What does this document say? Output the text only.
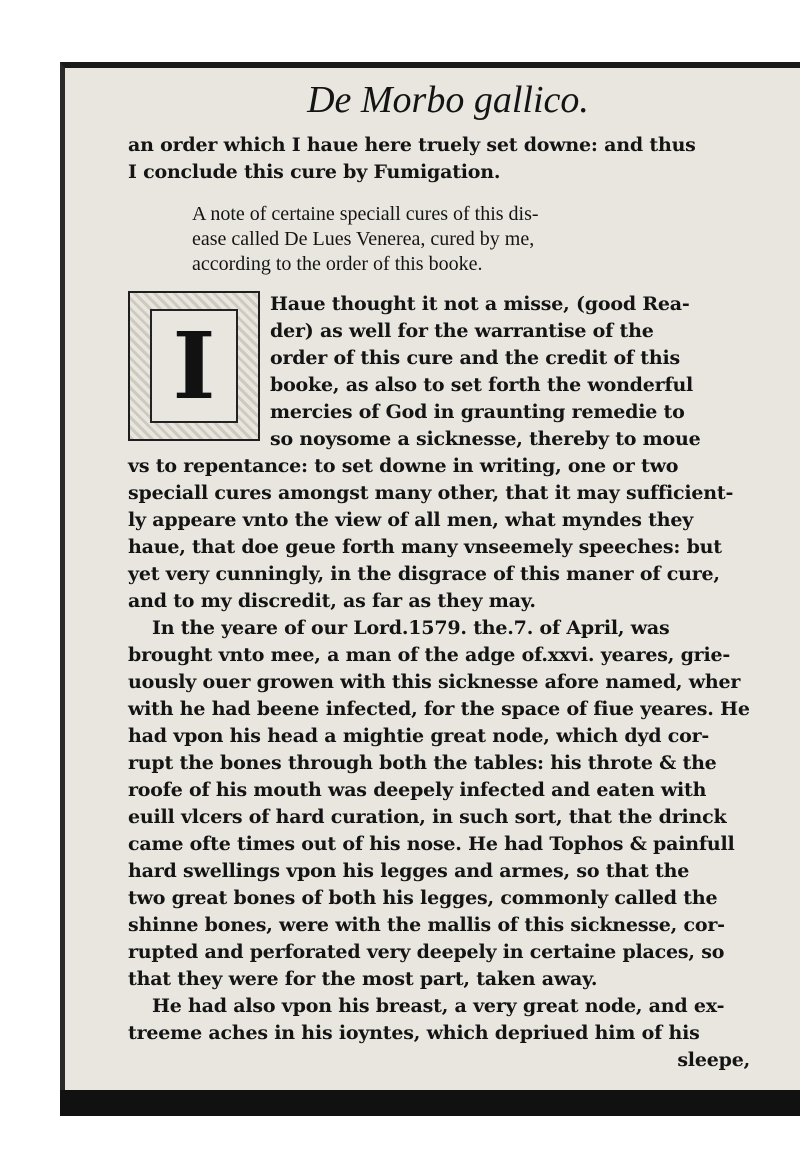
De Morbo gallico.

an order which I haue here truely set downe: and thus

I conclude this cure by Fumigation.

A note of certaine speciall cures of this dis-
ease called De Lues Venerea, cured by me,
according to the order of this booke.
I

Haue thought it not a misse, (good Rea-

der) as well for the warrantise of the

order of this cure and the credit of this

booke, as also to set forth the wonderful

mercies of God in graunting remedie to

so noysome a sicknesse, thereby to moue

vs to repentance: to set downe in writing, one or two

speciall cures amongst many other, that it may sufficient-

ly appeare vnto the view of all men, what myndes they

haue, that doe geue forth many vnseemely speeches: but

yet very cunningly, in the disgrace of this maner of cure,

and to my discredit, as far as they may.

In the yeare of our Lord.1579. the.7. of April, was

brought vnto mee, a man of the adge of.xxvi. yeares, grie-

uously ouer growen with this sicknesse afore named, wher

with he had beene infected, for the space of fiue yeares. He

had vpon his head a mightie great node, which dyd cor-

rupt the bones through both the tables: his throte & the

roofe of his mouth was deepely infected and eaten with

euill vlcers of hard curation, in such sort, that the drinck

came ofte times out of his nose. He had Tophos & painfull

hard swellings vpon his legges and armes, so that the

two great bones of both his legges, commonly called the

shinne bones, were with the mallis of this sicknesse, cor-

rupted and perforated very deepely in certaine places, so

that they were for the most part, taken away.

He had also vpon his breast, a very great node, and ex-

treeme aches in his ioyntes, which depriued him of his

sleepe,
